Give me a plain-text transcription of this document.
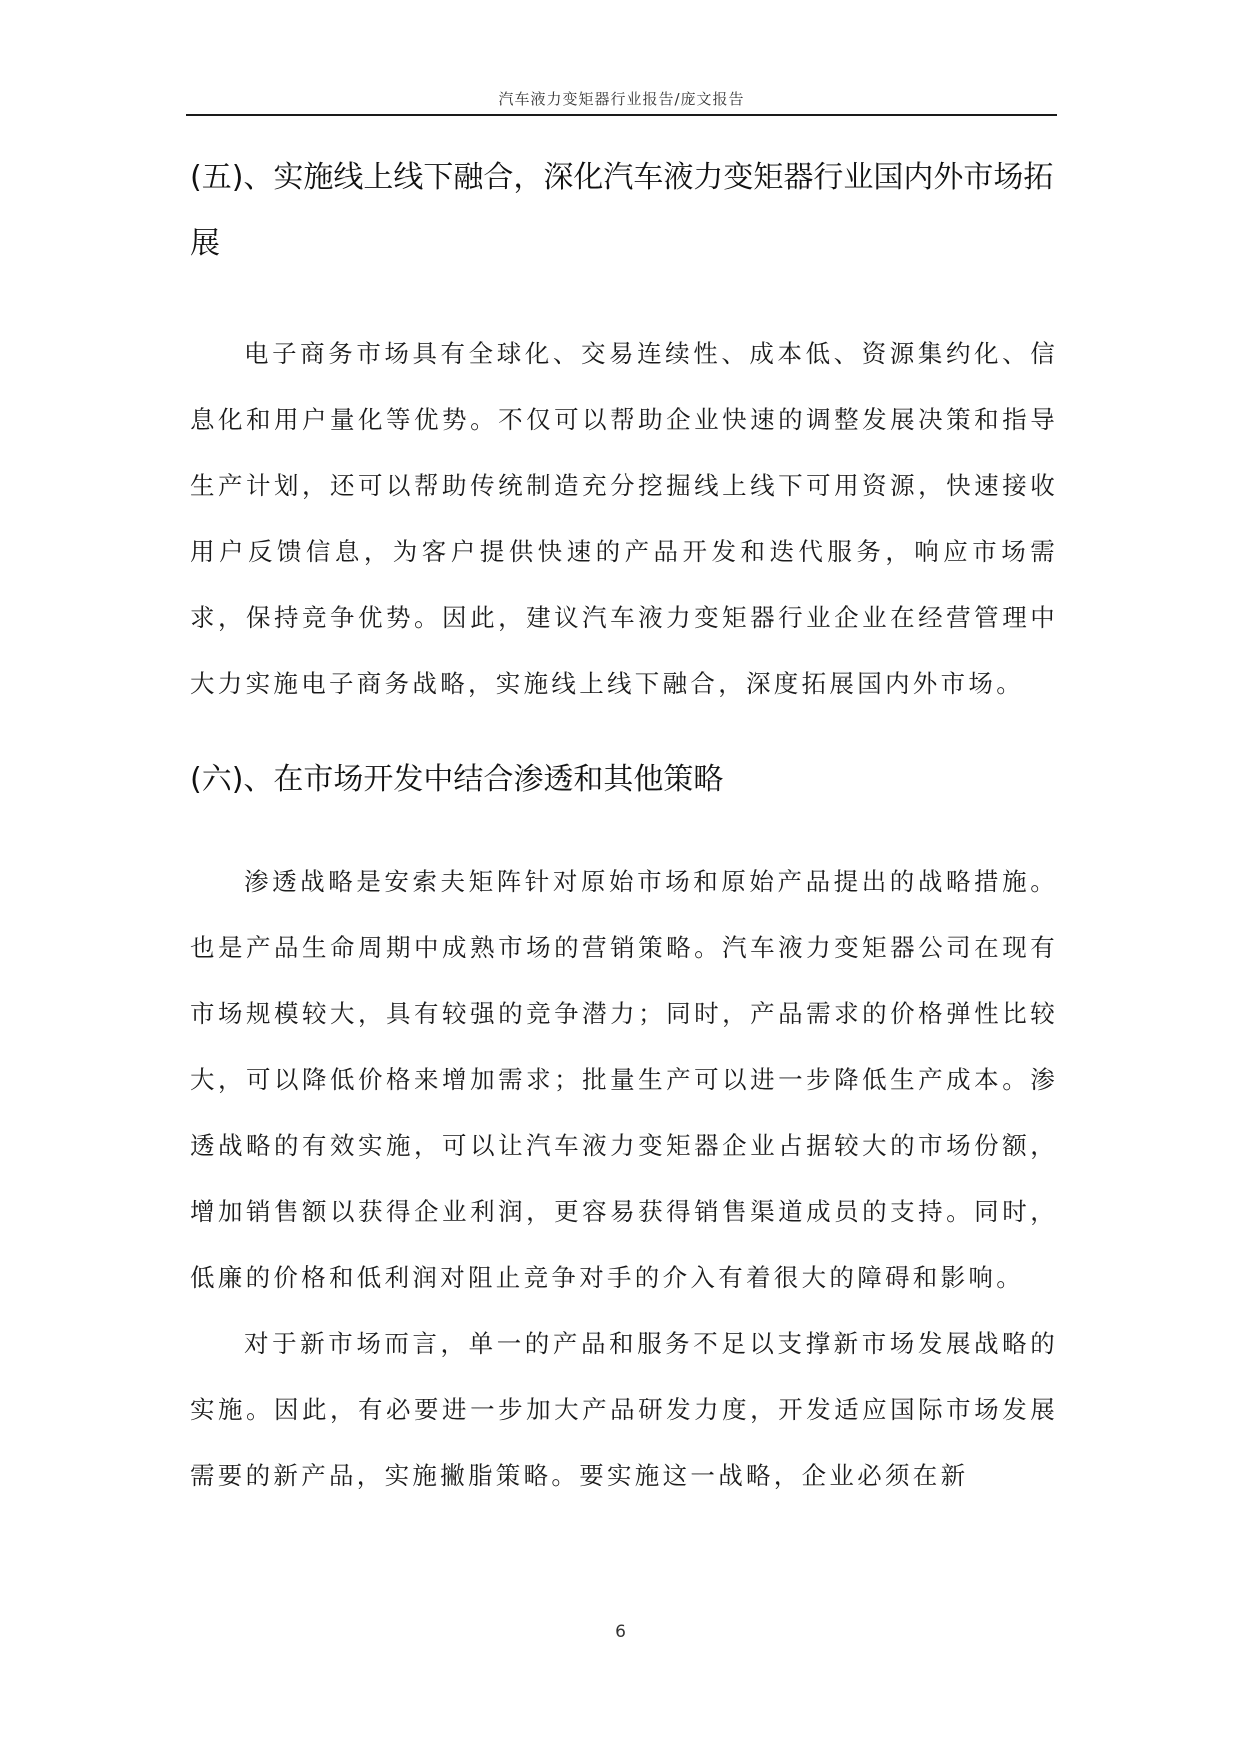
汽车液力变矩器行业报告/庞文报告
(五)、实施线上线下融合，深化汽车液力变矩器行业国内外市场拓展

电子商务市场具有全球化、交易连续性、成本低、资源集约化、信息化和用户量化等优势。不仅可以帮助企业快速的调整发展决策和指导生产计划，还可以帮助传统制造充分挖掘线上线下可用资源，快速接收用户反馈信息，为客户提供快速的产品开发和迭代服务，响应市场需求，保持竞争优势。因此，建议汽车液力变矩器行业企业在经营管理中大力实施电子商务战略，实施线上线下融合，深度拓展国内外市场。

(六)、在市场开发中结合渗透和其他策略

渗透战略是安索夫矩阵针对原始市场和原始产品提出的战略措施。也是产品生命周期中成熟市场的营销策略。汽车液力变矩器公司在现有市场规模较大，具有较强的竞争潜力；同时，产品需求的价格弹性比较大，可以降低价格来增加需求；批量生产可以进一步降低生产成本。渗透战略的有效实施，可以让汽车液力变矩器企业占据较大的市场份额，增加销售额以获得企业利润，更容易获得销售渠道成员的支持。同时，低廉的价格和低利润对阻止竞争对手的介入有着很大的障碍和影响。

对于新市场而言，单一的产品和服务不足以支撑新市场发展战略的实施。因此，有必要进一步加大产品研发力度，开发适应国际市场发展需要的新产品，实施撇脂策略。要实施这一战略，企业必须在新

6
